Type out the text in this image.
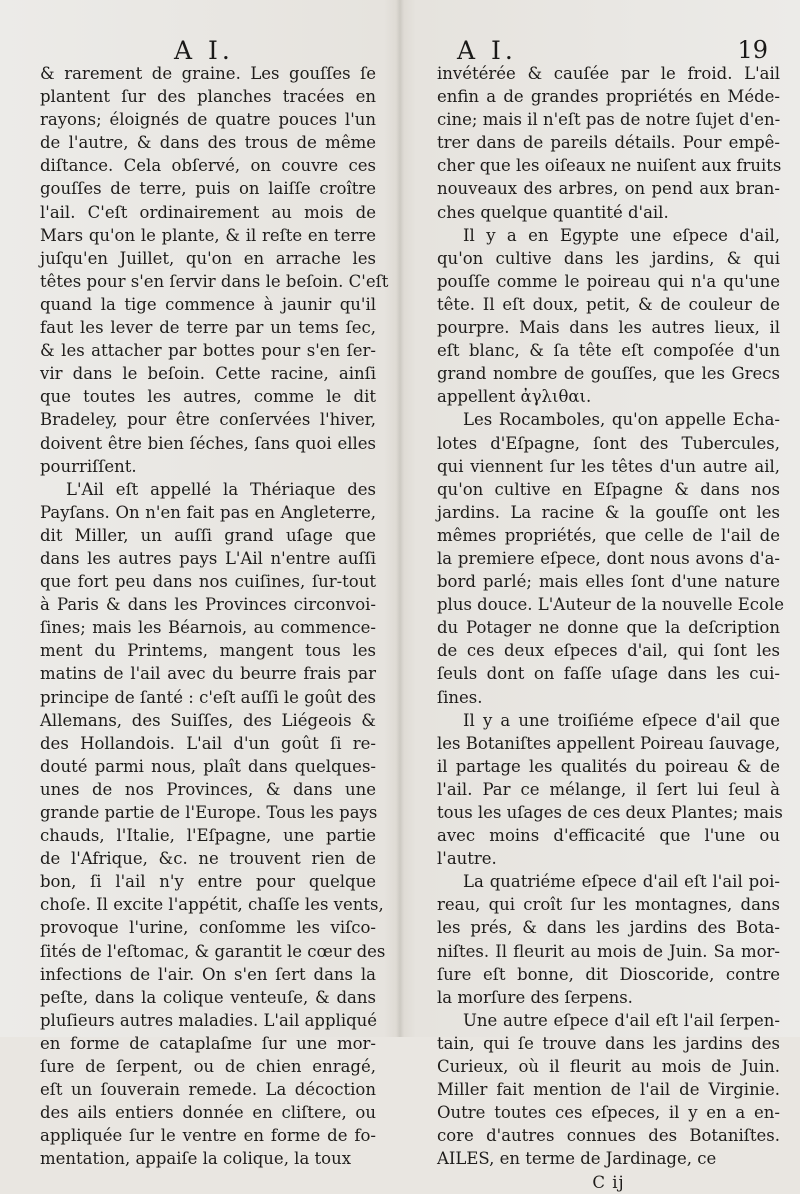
A I.
& rarement de graine. Les gouſſes ſe
plantent ſur des planches tracées en
rayons; éloignés de quatre pouces l'un
de l'autre, & dans des trous de même
diſtance. Cela obſervé, on couvre ces
gouſſes de terre, puis on laiſſe croître
l'ail. C'eſt ordinairement au mois de
Mars qu'on le plante, & il reſte en terre
juſqu'en Juillet, qu'on en arrache les
têtes pour s'en ſervir dans le beſoin. C'eſt
quand la tige commence à jaunir qu'il
faut les lever de terre par un tems ſec,
& les attacher par bottes pour s'en ſer-
vir dans le beſoin. Cette racine, ainſi
que toutes les autres, comme le dit
Bradeley, pour être conſervées l'hiver,
doivent être bien ſéches, ſans quoi elles
pourriſſent.
L'Ail eſt appellé la Thériaque des
Payſans. On n'en fait pas en Angleterre,
dit Miller, un auſſi grand uſage que
dans les autres pays L'Ail n'entre auſſi
que fort peu dans nos cuiſines, ſur-tout
à Paris & dans les Provinces circonvoi-
ſines; mais les Béarnois, au commence-
ment du Printems, mangent tous les
matins de l'ail avec du beurre frais par
principe de ſanté : c'eſt auſſi le goût des
Allemans, des Suiſſes, des Liégeois &
des Hollandois. L'ail d'un goût ſi re-
douté parmi nous, plaît dans quelques-
unes de nos Provinces, & dans une
grande partie de l'Europe. Tous les pays
chauds, l'Italie, l'Eſpagne, une partie
de l'Afrique, &c. ne trouvent rien de
bon, ſi l'ail n'y entre pour quelque
choſe. Il excite l'appétit, chaſſe les vents,
provoque l'urine, conſomme les viſco-
ſités de l'eſtomac, & garantit le cœur des
infections de l'air. On s'en ſert dans la
peſte, dans la colique venteuſe, & dans
pluſieurs autres maladies. L'ail appliqué
en forme de cataplaſme ſur une mor-
ſure de ſerpent, ou de chien enragé,
eſt un ſouverain remede. La décoction
des ails entiers donnée en cliſtere, ou
appliquée ſur le ventre en forme de fo-
mentation, appaiſe la colique, la toux
A I.	19
invétérée & cauſée par le froid. L'ail
enfin a de grandes propriétés en Méde-
cine; mais il n'eſt pas de notre ſujet d'en-
trer dans de pareils détails. Pour empê-
cher que les oiſeaux ne nuiſent aux fruits
nouveaux des arbres, on pend aux bran-
ches quelque quantité d'ail.
Il y a en Egypte une eſpece d'ail,
qu'on cultive dans les jardins, & qui
pouſſe comme le poireau qui n'a qu'une
tête. Il eſt doux, petit, & de couleur de
pourpre. Mais dans les autres lieux, il
eſt blanc, & ſa tête eſt compoſée d'un
grand nombre de gouſſes, que les Grecs
appellent ἀγλιθαι.
Les Rocamboles, qu'on appelle Echa-
lotes d'Eſpagne, ſont des Tubercules,
qui viennent ſur les têtes d'un autre ail,
qu'on cultive en Eſpagne & dans nos
jardins. La racine & la gouſſe ont les
mêmes propriétés, que celle de l'ail de
la premiere eſpece, dont nous avons d'a-
bord parlé; mais elles ſont d'une nature
plus douce. L'Auteur de la nouvelle Ecole
du Potager ne donne que la deſcription
de ces deux eſpeces d'ail, qui ſont les
ſeuls dont on faſſe uſage dans les cui-
ſines.
Il y a une troiſiéme eſpece d'ail que
les Botaniſtes appellent Poireau ſauvage,
il partage les qualités du poireau & de
l'ail. Par ce mélange, il ſert lui ſeul à
tous les uſages de ces deux Plantes; mais
avec moins d'efficacité que l'une ou
l'autre.
La quatriéme eſpece d'ail eſt l'ail poi-
reau, qui croît ſur les montagnes, dans
les prés, & dans les jardins des Bota-
niſtes. Il fleurit au mois de Juin. Sa mor-
ſure eſt bonne, dit Dioscoride, contre
la morſure des ſerpens.
Une autre eſpece d'ail eſt l'ail ſerpen-
tain, qui ſe trouve dans les jardins des
Curieux, où il fleurit au mois de Juin.
Miller fait mention de l'ail de Virginie.
Outre toutes ces eſpeces, il y en a en-
core d'autres connues des Botaniſtes.
AILES, en terme de Jardinage, ce
C ij
